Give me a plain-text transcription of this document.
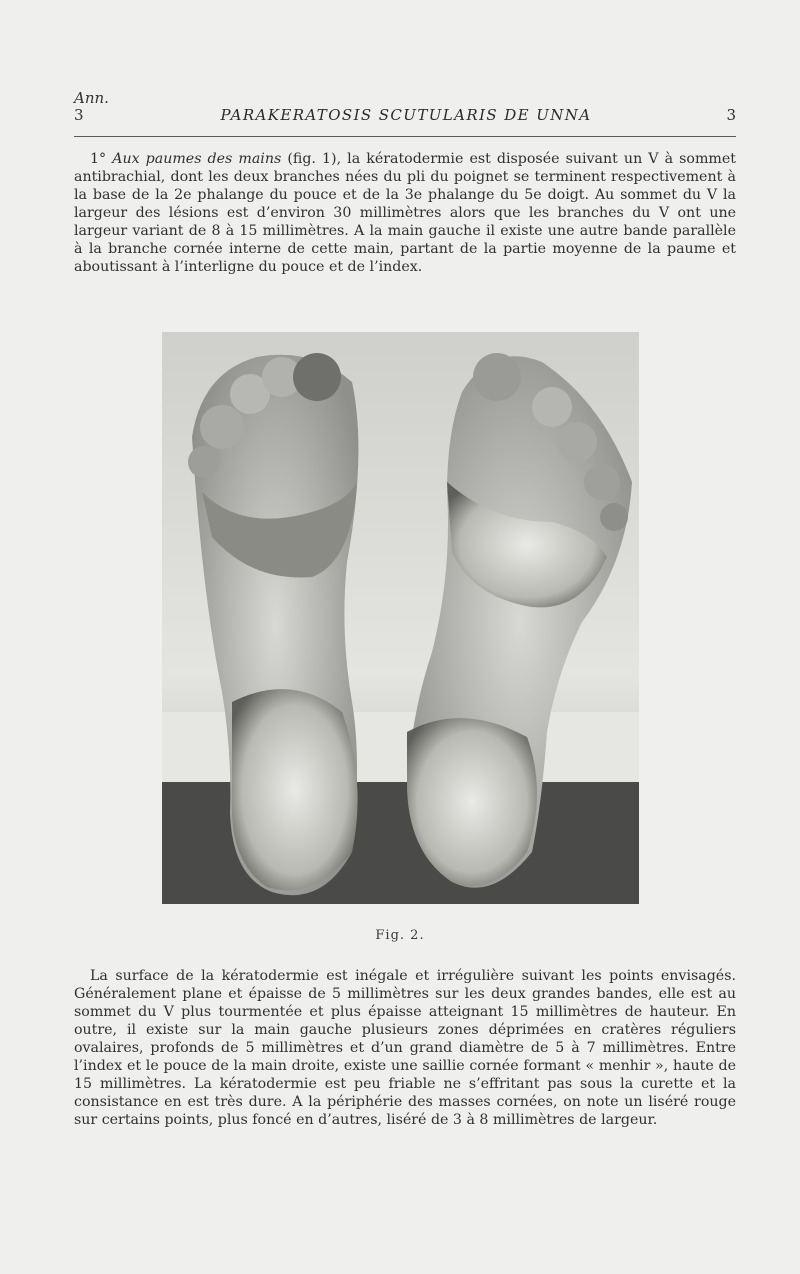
Ann.
3	PARAKERATOSIS SCUTULARIS DE UNNA	3

1° Aux paumes des mains (fig. 1), la kératodermie est disposée suivant un V à sommet antibrachial, dont les deux branches nées du pli du poignet se terminent respectivement à la base de la 2e phalange du pouce et de la 3e phalange du 5e doigt. Au sommet du V la largeur des lésions est d’environ 30 millimètres alors que les branches du V ont une largeur variant de 8 à 15 millimètres. A la main gauche il existe une autre bande parallèle à la branche cornée interne de cette main, partant de la partie moyenne de la paume et aboutissant à l’interligne du pouce et de l’index.

Fig. 2.

La surface de la kératodermie est inégale et irrégulière suivant les points envisagés. Généralement plane et épaisse de 5 millimètres sur les deux grandes bandes, elle est au sommet du V plus tourmentée et plus épaisse atteignant 15 millimètres de hauteur. En outre, il existe sur la main gauche plusieurs zones déprimées en cratères réguliers ovalaires, profonds de 5 millimètres et d’un grand diamètre de 5 à 7 millimètres. Entre l’index et le pouce de la main droite, existe une saillie cornée formant « menhir », haute de 15 millimètres. La kératodermie est peu friable ne s’effritant pas sous la curette et la consistance en est très dure. A la périphérie des masses cornées, on note un liséré rouge sur certains points, plus foncé en d’autres, liséré de 3 à 8 millimètres de largeur.
